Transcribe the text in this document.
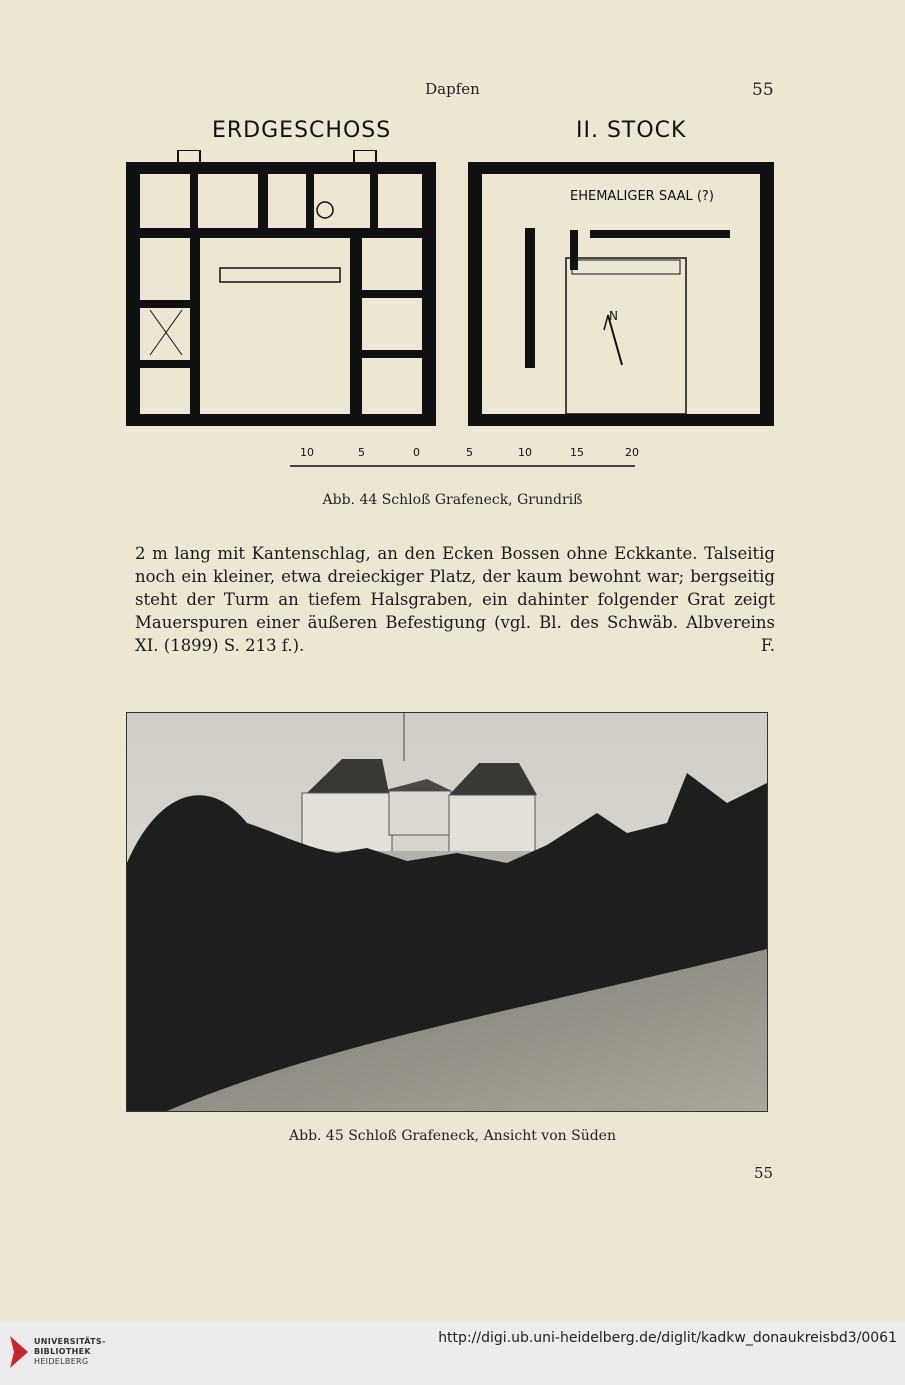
Dapfen	55
ERDGESCHOSS	II. STOCK
N
EHEMALIGER SAAL (?)
10	5	0	5	10	15	20
Abb. 44 Schloß Grafeneck, Grundriß

2 m lang mit Kantenschlag, an den Ecken Bossen ohne Eckkante. Talseitig noch ein kleiner, etwa dreieckiger Platz, der kaum bewohnt war; bergseitig steht der Turm an tiefem Halsgraben, ein dahinter folgender Grat zeigt Mauerspuren einer äußeren Befestigung (vgl. Bl. des Schwäb. Albvereins XI. (1899) S. 213 f.).	F.

Abb. 45 Schloß Grafeneck, Ansicht von Süden
55
UNIVERSITÄTS-
BIBLIOTHEK
HEIDELBERG
http://digi.ub.uni-heidelberg.de/diglit/kadkw_donaukreisbd3/0061
